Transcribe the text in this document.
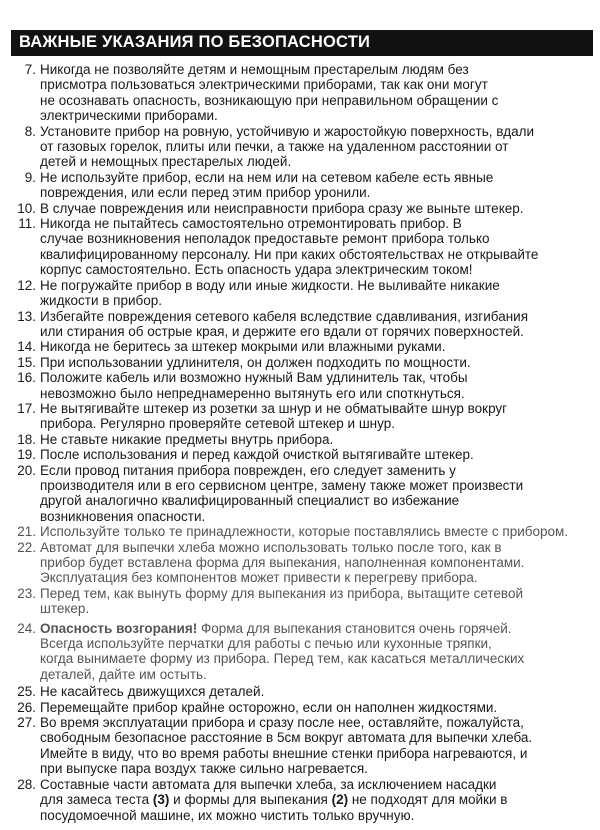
ВАЖНЫЕ УКАЗАНИЯ ПО БЕЗОПАСНОСТИ
7. Никогда не позволяйте детям и немощным престарелым людям без
присмотра пользоваться электрическими приборами, так как они могут
не осознавать опасность, возникающую при неправильном обращении с
электрическими приборами.
8. Установите прибор на ровную, устойчивую и жаростойкую поверхность, вдали
от газовых горелок, плиты или печки, а также на удаленном расстоянии от
детей и немощных престарелых людей.
9. Не используйте прибор, если на нем или на сетевом кабеле есть явные
повреждения, или если перед этим прибор уронили.
10. В случае повреждения или неисправности прибора сразу же выньте штекер.
11. Никогда не пытайтесь самостоятельно отремонтировать прибор. В
случае возникновения неполадок предоставьте ремонт прибора только
квалифицированному персоналу. Ни при каких обстоятельствах не открывайте
корпус самостоятельно. Есть опасность удара электрическим током!
12. Не погружайте прибор в воду или иные жидкости. Не выливайте никакие
жидкости в прибор.
13. Избегайте повреждения сетевого кабеля вследствие сдавливания, изгибания
или стирания об острые края, и держите его вдали от горячих поверхностей.
14. Никогда не беритесь за штекер мокрыми или влажными руками.
15. При использовании удлинителя, он должен подходить по мощности.
16. Положите кабель или возможно нужный Вам удлинитель так, чтобы
невозможно было непреднамеренно вытянуть его или споткнуться.
17. Не вытягивайте штекер из розетки за шнур и не обматывайте шнур вокруг
прибора. Регулярно проверяйте сетевой штекер и шнур.
18. Не ставьте никакие предметы внутрь прибора.
19. После использования и перед каждой очисткой вытягивайте штекер.
20. Если провод питания прибора поврежден, его следует заменить у
производителя или в его сервисном центре, замену также может произвести
другой аналогично квалифицированный специалист во избежание
возникновения опасности.
21. Используйте только те принадлежности, которые поставлялись вместе с прибором.
22. Автомат для выпечки хлеба можно использовать только после того, как в
прибор будет вставлена форма для выпекания, наполненная компонентами.
Эксплуатация без компонентов может привести к перегреву прибора.
23. Перед тем, как вынуть форму для выпекания из прибора, вытащите сетевой
штекер.
24. Опасность возгорания! Форма для выпекания становится очень горячей.
Всегда используйте перчатки для работы с печью или кухонные тряпки,
когда вынимаете форму из прибора. Перед тем, как касаться металлических
деталей, дайте им остыть.
25. Не касайтесь движущихся деталей.
26. Перемещайте прибор крайне осторожно, если он наполнен жидкостями.
27. Во время эксплуатации прибора и сразу после нее, оставляйте, пожалуйста,
свободным безопасное расстояние в 5см вокруг автомата для выпечки хлеба.
Имейте в виду, что во время работы внешние стенки прибора нагреваются, и
при выпуске пара воздух также сильно нагревается.
28. Составные части автомата для выпечки хлеба, за исключением насадки
для замеса теста (3) и формы для выпекания (2) не подходят для мойки в
посудомоечной машине, их можно чистить только вручную.
